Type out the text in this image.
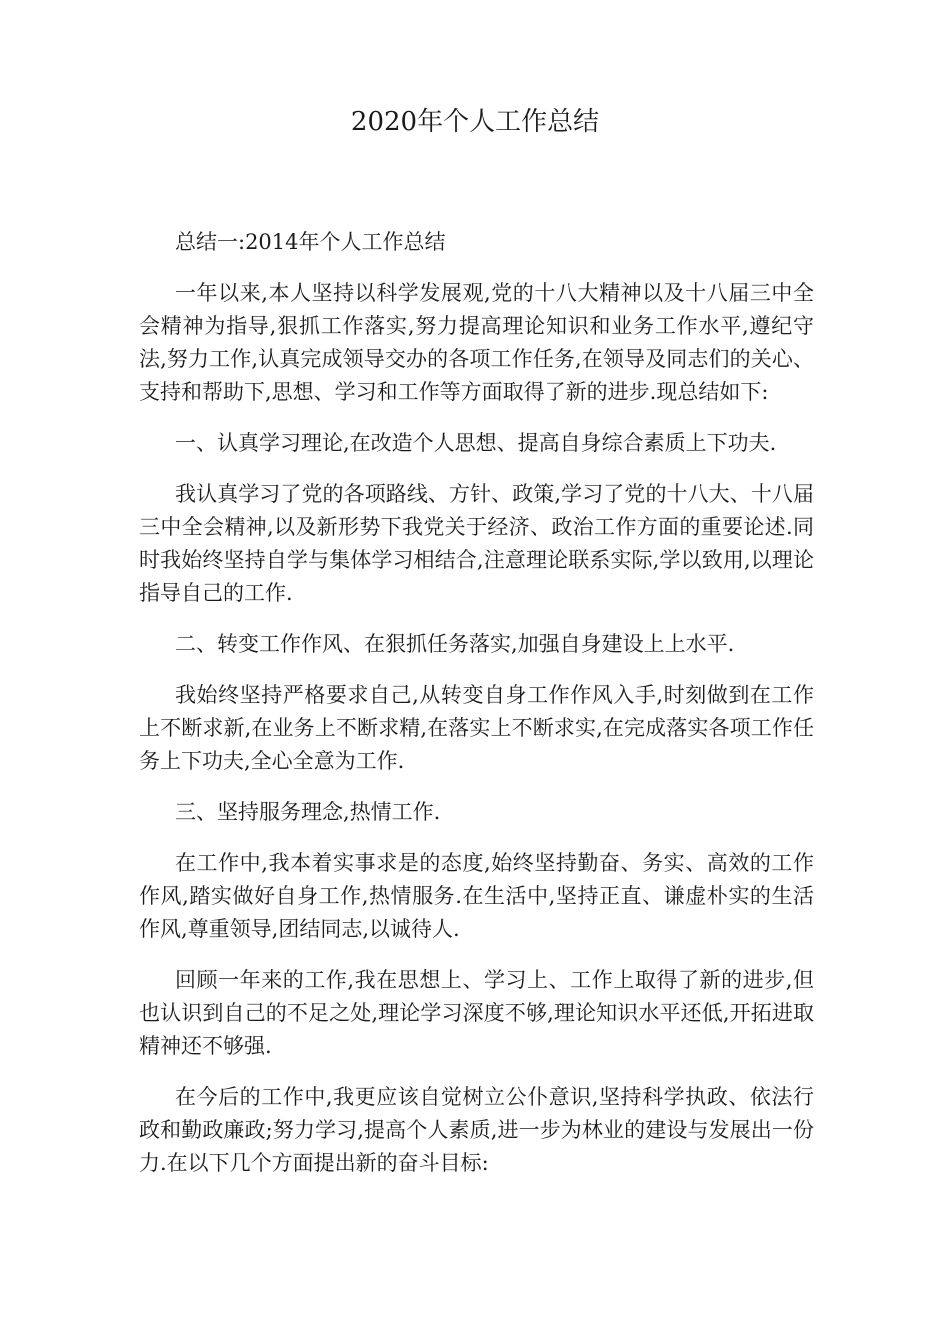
2020年个人工作总结

总结一:2014年个人工作总结

一年以来,本人坚持以科学发展观,党的十八大精神以及十八届三中全会精神为指导,狠抓工作落实,努力提高理论知识和业务工作水平,遵纪守法,努力工作,认真完成领导交办的各项工作任务,在领导及同志们的关心、支持和帮助下,思想、学习和工作等方面取得了新的进步.现总结如下:

一、认真学习理论,在改造个人思想、提高自身综合素质上下功夫.

我认真学习了党的各项路线、方针、政策,学习了党的十八大、十八届三中全会精神,以及新形势下我党关于经济、政治工作方面的重要论述.同时我始终坚持自学与集体学习相结合,注意理论联系实际,学以致用,以理论指导自己的工作.

二、转变工作作风、在狠抓任务落实,加强自身建设上上水平.

我始终坚持严格要求自己,从转变自身工作作风入手,时刻做到在工作上不断求新,在业务上不断求精,在落实上不断求实,在完成落实各项工作任务上下功夫,全心全意为工作.

三、坚持服务理念,热情工作.

在工作中,我本着实事求是的态度,始终坚持勤奋、务实、高效的工作作风,踏实做好自身工作,热情服务.在生活中,坚持正直、谦虚朴实的生活作风,尊重领导,团结同志,以诚待人.

回顾一年来的工作,我在思想上、学习上、工作上取得了新的进步,但也认识到自己的不足之处,理论学习深度不够,理论知识水平还低,开拓进取精神还不够强.

在今后的工作中,我更应该自觉树立公仆意识,坚持科学执政、依法行政和勤政廉政;努力学习,提高个人素质,进一步为林业的建设与发展出一份力.在以下几个方面提出新的奋斗目标:
